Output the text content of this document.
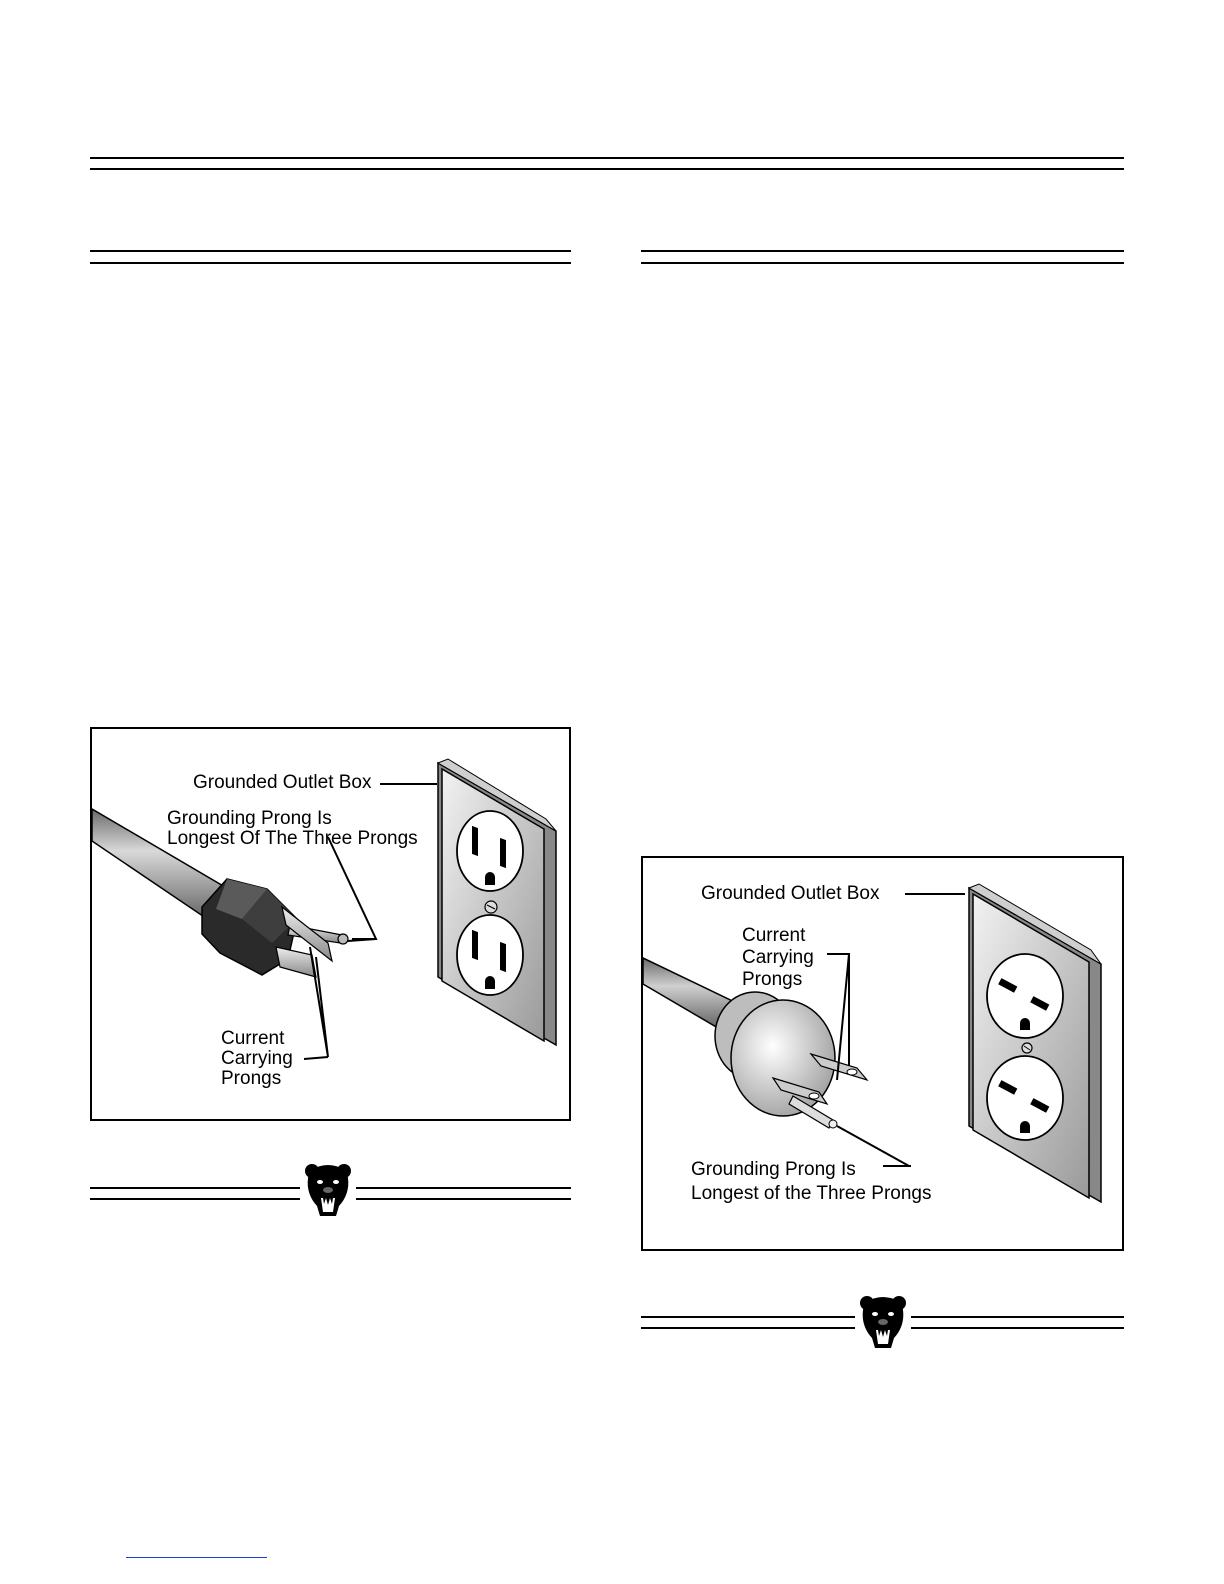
Grounded Outlet Box
Grounding Prong Is
Longest Of The Three Prongs
Current
Carrying
Prongs
Grounded Outlet Box
Current
Carrying
Prongs
Grounding Prong Is
Longest of the Three Prongs
